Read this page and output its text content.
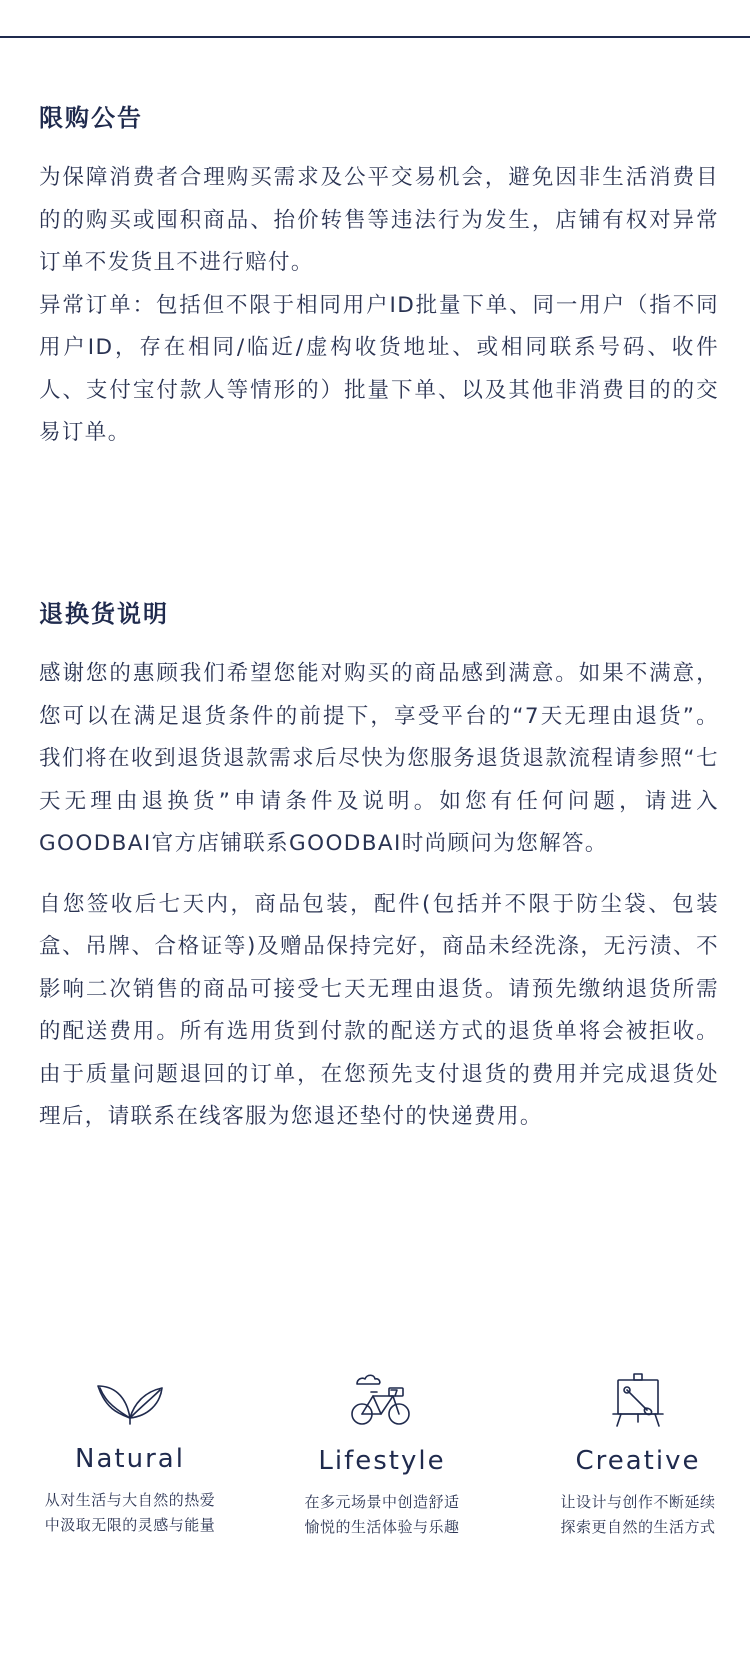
限购公告

为保障消费者合理购买需求及公平交易机会，避免因非生活消费目的的购买或囤积商品、抬价转售等违法行为发生，店铺有权对异常订单不发货且不进行赔付。
异常订单：包括但不限于相同用户ID批量下单、同一用户（指不同用户ID，存在相同/临近/虚构收货地址、或相同联系号码、收件人、支付宝付款人等情形的）批量下单、以及其他非消费目的的交易订单。

退换货说明

感谢您的惠顾我们希望您能对购买的商品感到满意。如果不满意，您可以在满足退货条件的前提下，享受平台的“7天无理由退货”。我们将在收到退货退款需求后尽快为您服务退货退款流程请参照“七天无理由退换货”申请条件及说明。如您有任何问题，请进入GOODBAI官方店铺联系GOODBAI时尚顾问为您解答。

自您签收后七天内，商品包装，配件(包括并不限于防尘袋、包装盒、吊牌、合格证等)及赠品保持完好，商品未经洗涤，无污渍、不影响二次销售的商品可接受七天无理由退货。请预先缴纳退货所需的配送费用。所有选用货到付款的配送方式的退货单将会被拒收。由于质量问题退回的订单，在您预先支付退货的费用并完成退货处理后，请联系在线客服为您退还垫付的快递费用。

Natural
从对生活与大自然的热爱
中汲取无限的灵感与能量
Lifestyle
在多元场景中创造舒适
愉悦的生活体验与乐趣
Creative
让设计与创作不断延续
探索更自然的生活方式
